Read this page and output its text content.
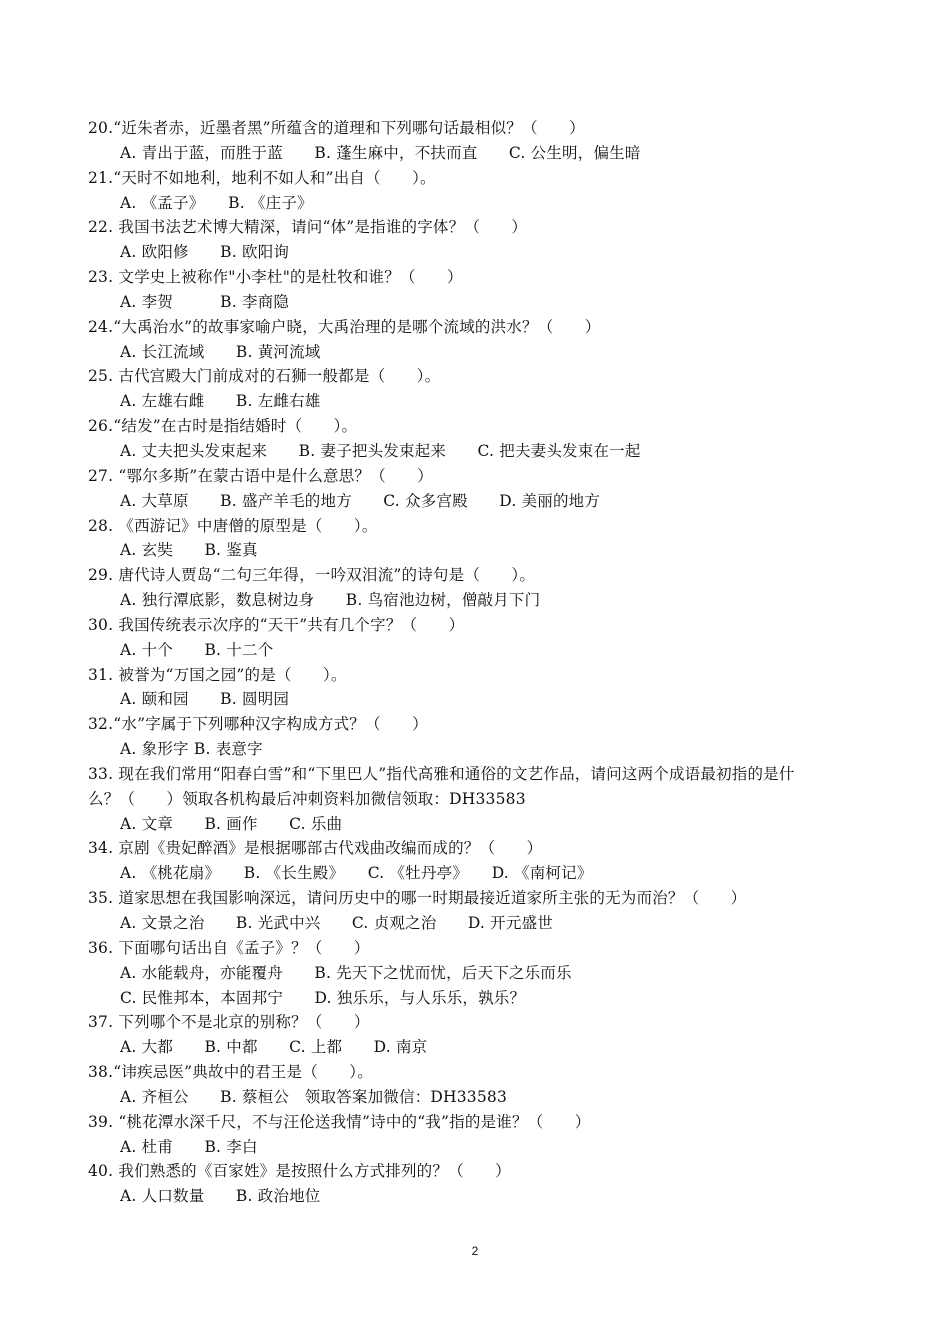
20.“近朱者赤，近墨者黑”所蕴含的道理和下列哪句话最相似？（　　）
A. 青出于蓝，而胜于蓝　　B. 蓬生麻中，不扶而直　　C. 公生明，偏生暗
21.“天时不如地利，地利不如人和”出自（　　）。
A. 《孟子》　　B. 《庄子》
22. 我国书法艺术博大精深，请问“体”是指谁的字体？（　　）
A. 欧阳修　　B. 欧阳询
23. 文学史上被称作"小李杜"的是杜牧和谁？（　　）
A. 李贺　　　B. 李商隐
24.“大禹治水”的故事家喻户晓，大禹治理的是哪个流域的洪水？（　　）
A. 长江流域　　B. 黄河流域
25. 古代宫殿大门前成对的石狮一般都是（　　）。
A. 左雄右雌　　B. 左雌右雄
26.“结发”在古时是指结婚时（　　）。
A. 丈夫把头发束起来　　B. 妻子把头发束起来　　C. 把夫妻头发束在一起
27. “鄂尔多斯”在蒙古语中是什么意思？（　　）
A. 大草原　　B. 盛产羊毛的地方　　C. 众多宫殿　　D. 美丽的地方
28. 《西游记》中唐僧的原型是（　　）。
A. 玄奘　　B. 鉴真
29. 唐代诗人贾岛“二句三年得，一吟双泪流”的诗句是（　　）。
A. 独行潭底影，数息树边身　　B. 鸟宿池边树，僧敲月下门
30. 我国传统表示次序的“天干”共有几个字？（　　）
A. 十个　　B. 十二个
31. 被誉为“万国之园”的是（　　）。
A. 颐和园　　B. 圆明园
32.“水”字属于下列哪种汉字构成方式？（　　）
A. 象形字 B. 表意字
33. 现在我们常用“阳春白雪”和“下里巴人”指代高雅和通俗的文艺作品，请问这两个成语最初指的是什
么？（　　）领取各机构最后冲刺资料加微信领取：DH33583
A. 文章　　B. 画作　　C. 乐曲
34. 京剧《贵妃醉酒》是根据哪部古代戏曲改编而成的？（　　）
A. 《桃花扇》　　B. 《长生殿》　　C. 《牡丹亭》　　D. 《南柯记》
35. 道家思想在我国影响深远，请问历史中的哪一时期最接近道家所主张的无为而治？（　　）
A. 文景之治　　B. 光武中兴　　C. 贞观之治　　D. 开元盛世
36. 下面哪句话出自《孟子》？（　　）
A. 水能载舟，亦能覆舟　　B. 先天下之忧而忧，后天下之乐而乐
C. 民惟邦本，本固邦宁　　D. 独乐乐，与人乐乐，孰乐？
37. 下列哪个不是北京的别称？（　　）
A. 大都　　B. 中都　　C. 上都　　D. 南京
38.“讳疾忌医”典故中的君王是（　　）。
A. 齐桓公　　B. 蔡桓公　领取答案加微信：DH33583
39. “桃花潭水深千尺，不与汪伦送我情”诗中的“我”指的是谁？（　　）
A. 杜甫　　B. 李白
40. 我们熟悉的《百家姓》是按照什么方式排列的？（　　）
A. 人口数量　　B. 政治地位
2
